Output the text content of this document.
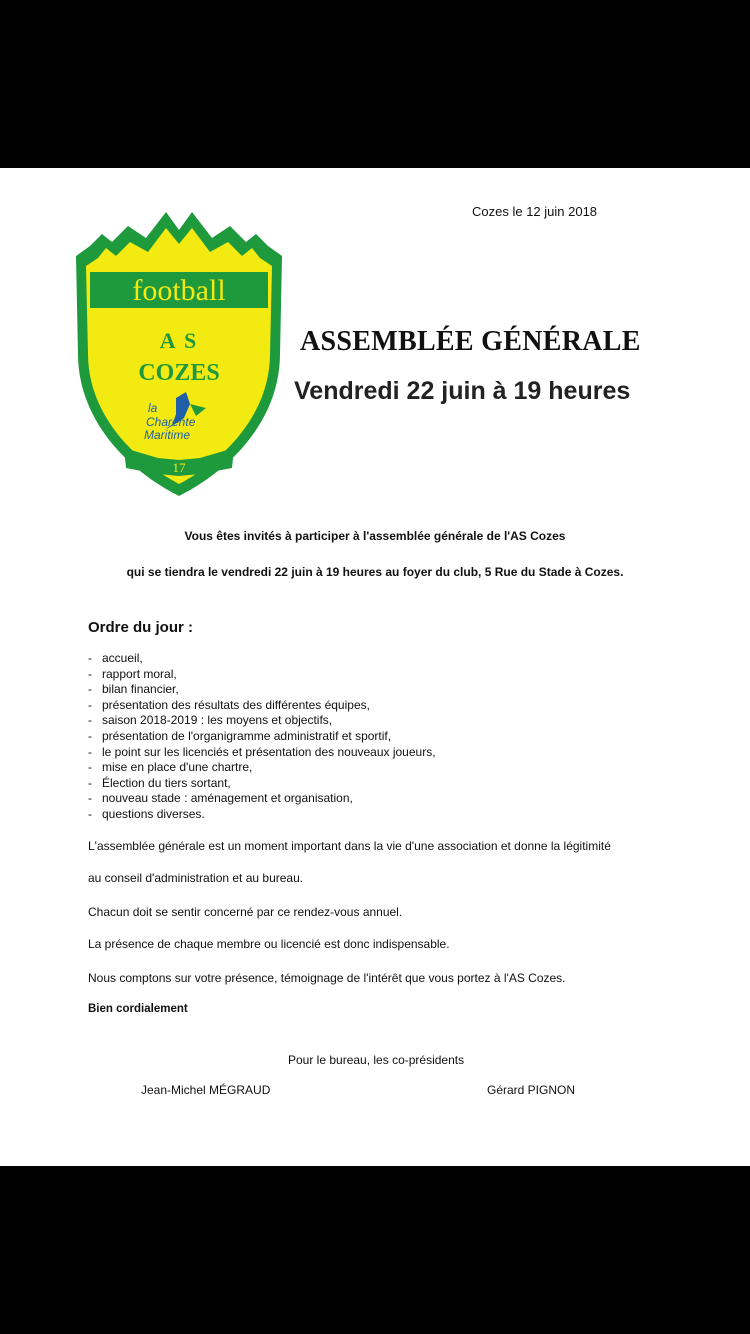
Cozes le 12 juin 2018
football
A S
COZES
la
Charente
Maritime
17
ASSEMBLÉE GÉNÉRALE
Vendredi 22 juin à 19 heures
Vous êtes invités à participer à l'assemblée générale de l'AS Cozes
qui se tiendra le vendredi 22 juin à 19 heures au foyer du club, 5 Rue du Stade à Cozes.
Ordre du jour :
- accueil,
- rapport moral,
- bilan financier,
- présentation des résultats des différentes équipes,
- saison 2018-2019 : les moyens et objectifs,
- présentation de l'organigramme administratif et sportif,
- le point sur les licenciés et présentation des nouveaux joueurs,
- mise en place d'une chartre,
- Élection du tiers sortant,
- nouveau stade : aménagement et organisation,
- questions diverses.
L'assemblée générale est un moment important dans la vie d'une association et donne la légitimité
au conseil d'administration et au bureau.
Chacun doit se sentir concerné par ce rendez-vous annuel.
La présence de chaque membre ou licencié est donc indispensable.
Nous comptons sur votre présence, témoignage de l'intérêt que vous portez à l'AS Cozes.
Bien cordialement
Pour le bureau, les co-présidents
Jean-Michel MÉGRAUD	Gérard PIGNON
